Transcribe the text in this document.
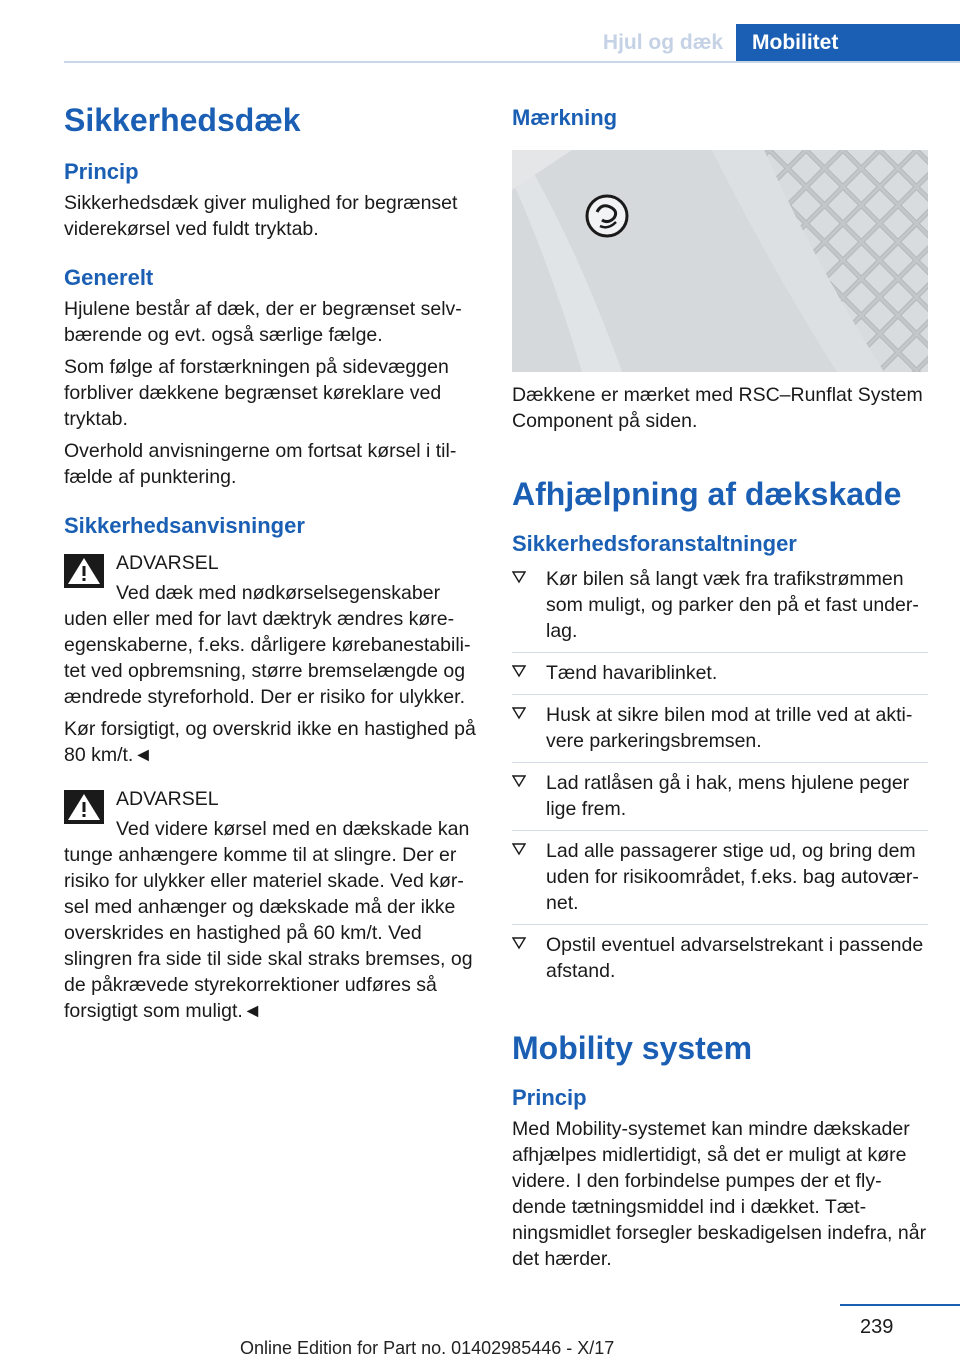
Hjul og dæk	Mobilitet
Sikkerhedsdæk
Princip
Sikkerhedsdæk giver mulighed for begrænset viderekørsel ved fuldt tryktab.
Generelt
Hjulene består af dæk, der er begrænset selvbærende og evt. også særlige fælge.
Som følge af forstærkningen på sidevæggen forbliver dækkene begrænset køreklare ved tryktab.
Overhold anvisningerne om fortsat kørsel i tilfælde af punktering.
Sikkerhedsanvisninger
ADVARSEL
Ved dæk med nødkørselsegenskaber uden eller med for lavt dæktryk ændres køreegenskaberne, f.eks. dårligere kørebanestabilitet ved opbremsning, større bremselængde og ændrede styreforhold. Der er risiko for ulykker.
Kør forsigtigt, og overskrid ikke en hastighed på 80 km/t.◄
ADVARSEL
Ved videre kørsel med en dækskade kan tunge anhængere komme til at slingre. Der er risiko for ulykker eller materiel skade. Ved kørsel med anhænger og dækskade må der ikke overskrides en hastighed på 60 km/t. Ved slingren fra side til side skal straks bremses, og de påkrævede styrekorrektioner udføres så forsigtigt som muligt.◄
Mærkning
Dækkene er mærket med RSC–Runflat System Component på siden.
Afhjælpning af dækskade
Sikkerhedsforanstaltninger
Kør bilen så langt væk fra trafikstrømmen som muligt, og parker den på et fast underlag.
Tænd havariblinket.
Husk at sikre bilen mod at trille ved at aktivere parkeringsbremsen.
Lad ratlåsen gå i hak, mens hjulene peger lige frem.
Lad alle passagerer stige ud, og bring dem uden for risikoområdet, f.eks. bag autoværnet.
Opstil eventuel advarselstrekant i passende afstand.
Mobility system
Princip
Med Mobility-systemet kan mindre dækskader afhjælpes midlertidigt, så det er muligt at køre videre. I den forbindelse pumpes der et flydende tætningsmiddel ind i dækket. Tætningsmidlet forsegler beskadigelsen indefra, når det hærder.
239
Online Edition for Part no. 01402985446 - X/17
